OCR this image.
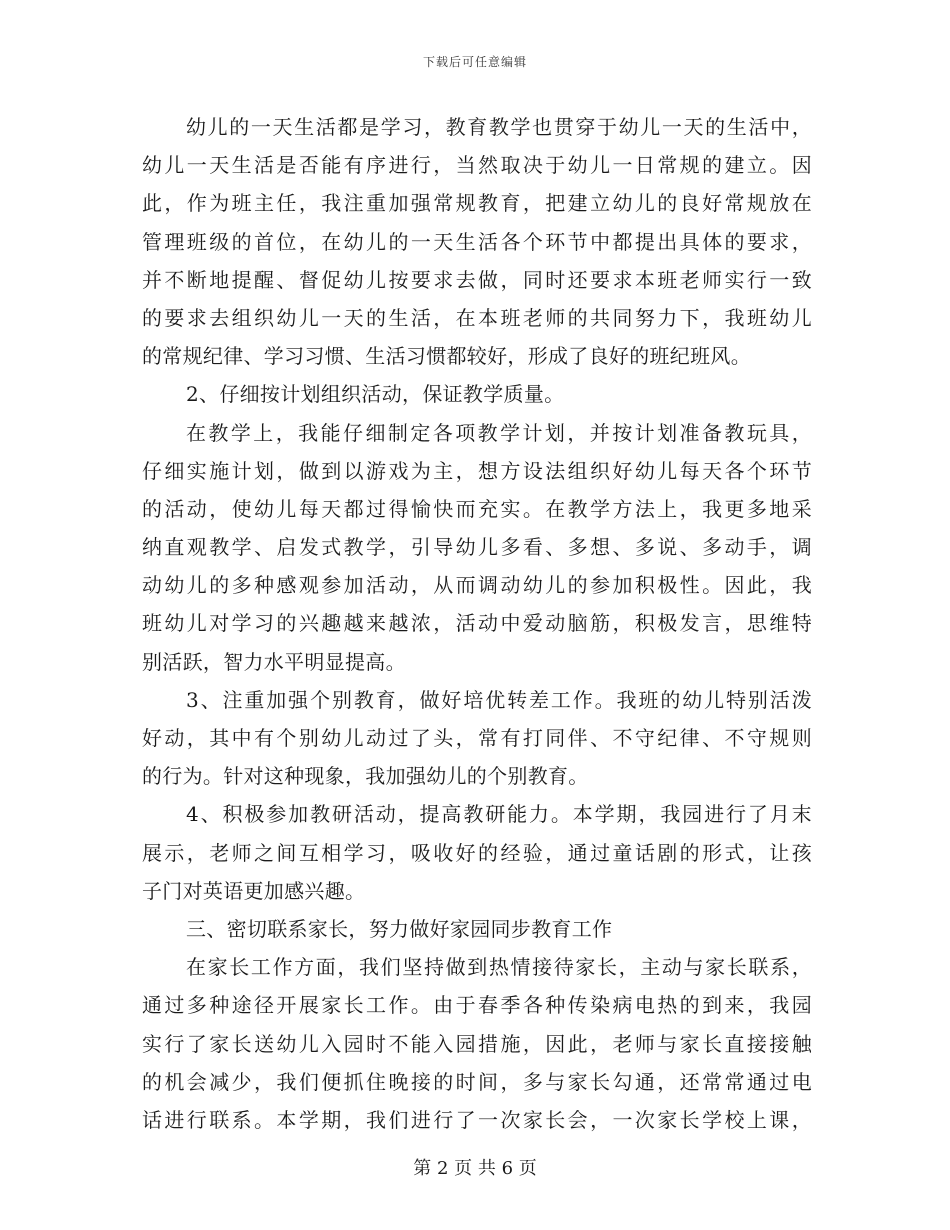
下载后可任意编辑
幼儿的一天生活都是学习，教育教学也贯穿于幼儿一天的生活中，
幼儿一天生活是否能有序进行，当然取决于幼儿一日常规的建立。因
此，作为班主任，我注重加强常规教育，把建立幼儿的良好常规放在
管理班级的首位，在幼儿的一天生活各个环节中都提出具体的要求，
并不断地提醒、督促幼儿按要求去做，同时还要求本班老师实行一致
的要求去组织幼儿一天的生活，在本班老师的共同努力下，我班幼儿
的常规纪律、学习习惯、生活习惯都较好，形成了良好的班纪班风。
2、仔细按计划组织活动，保证教学质量。
在教学上，我能仔细制定各项教学计划，并按计划准备教玩具，
仔细实施计划，做到以游戏为主，想方设法组织好幼儿每天各个环节
的活动，使幼儿每天都过得愉快而充实。在教学方法上，我更多地采
纳直观教学、启发式教学，引导幼儿多看、多想、多说、多动手，调
动幼儿的多种感观参加活动，从而调动幼儿的参加积极性。因此，我
班幼儿对学习的兴趣越来越浓，活动中爱动脑筋，积极发言，思维特
别活跃，智力水平明显提高。
3、注重加强个别教育，做好培优转差工作。我班的幼儿特别活泼
好动，其中有个别幼儿动过了头，常有打同伴、不守纪律、不守规则
的行为。针对这种现象，我加强幼儿的个别教育。
4、积极参加教研活动，提高教研能力。本学期，我园进行了月末
展示，老师之间互相学习，吸收好的经验，通过童话剧的形式，让孩
子门对英语更加感兴趣。
三、密切联系家长，努力做好家园同步教育工作
在家长工作方面，我们坚持做到热情接待家长，主动与家长联系，
通过多种途径开展家长工作。由于春季各种传染病电热的到来，我园
实行了家长送幼儿入园时不能入园措施，因此，老师与家长直接接触
的机会减少，我们便抓住晚接的时间，多与家长勾通，还常常通过电
话进行联系。本学期，我们进行了一次家长会，一次家长学校上课，
第 2 页 共 6 页
